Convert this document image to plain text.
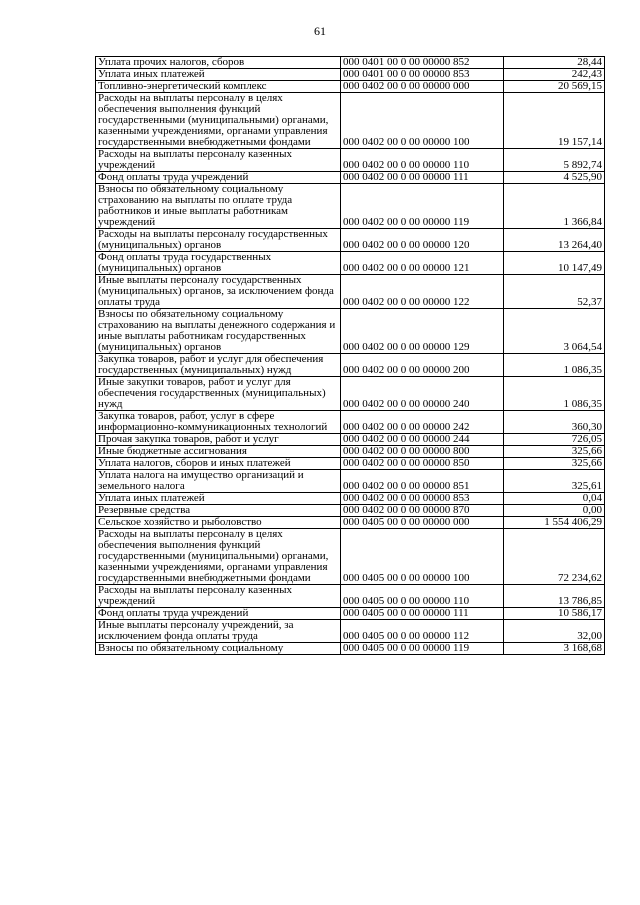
61
Уплата прочих налогов, сборов	000 0401 00 0 00 00000 852	28,44
Уплата иных платежей	000 0401 00 0 00 00000 853	242,43
Топливно-энергетический комплекс	000 0402 00 0 00 00000 000	20 569,15
Расходы на выплаты персоналу в целях обеспечения выполнения функций государственными (муниципальными) органами, казенными учреждениями, органами управления государственными внебюджетными фондами	000 0402 00 0 00 00000 100	19 157,14
Расходы на выплаты персоналу казенных учреждений	000 0402 00 0 00 00000 110	5 892,74
Фонд оплаты труда учреждений	000 0402 00 0 00 00000 111	4 525,90
Взносы по обязательному социальному страхованию на выплаты по оплате труда работников и иные выплаты работникам учреждений	000 0402 00 0 00 00000 119	1 366,84
Расходы на выплаты персоналу государственных (муниципальных) органов	000 0402 00 0 00 00000 120	13 264,40
Фонд оплаты труда государственных (муниципальных) органов	000 0402 00 0 00 00000 121	10 147,49
Иные выплаты персоналу государственных (муниципальных) органов, за исключением фонда оплаты труда	000 0402 00 0 00 00000 122	52,37
Взносы по обязательному социальному страхованию на выплаты денежного содержания и иные выплаты работникам государственных (муниципальных) органов	000 0402 00 0 00 00000 129	3 064,54
Закупка товаров, работ и услуг для обеспечения государственных (муниципальных) нужд	000 0402 00 0 00 00000 200	1 086,35
Иные закупки товаров, работ и услуг для обеспечения государственных (муниципальных) нужд	000 0402 00 0 00 00000 240	1 086,35
Закупка товаров, работ, услуг в сфере информационно-коммуникационных технологий	000 0402 00 0 00 00000 242	360,30
Прочая закупка товаров, работ и услуг	000 0402 00 0 00 00000 244	726,05
Иные бюджетные ассигнования	000 0402 00 0 00 00000 800	325,66
Уплата налогов, сборов и иных платежей	000 0402 00 0 00 00000 850	325,66
Уплата налога на имущество организаций и земельного налога	000 0402 00 0 00 00000 851	325,61
Уплата иных платежей	000 0402 00 0 00 00000 853	0,04
Резервные средства	000 0402 00 0 00 00000 870	0,00
Сельское хозяйство и рыболовство	000 0405 00 0 00 00000 000	1 554 406,29
Расходы на выплаты персоналу в целях обеспечения выполнения функций государственными (муниципальными) органами, казенными учреждениями, органами управления государственными внебюджетными фондами	000 0405 00 0 00 00000 100	72 234,62
Расходы на выплаты персоналу казенных учреждений	000 0405 00 0 00 00000 110	13 786,85
Фонд оплаты труда учреждений	000 0405 00 0 00 00000 111	10 586,17
Иные выплаты персоналу учреждений, за исключением фонда оплаты труда	000 0405 00 0 00 00000 112	32,00
Взносы по обязательному социальному	000 0405 00 0 00 00000 119	3 168,68
